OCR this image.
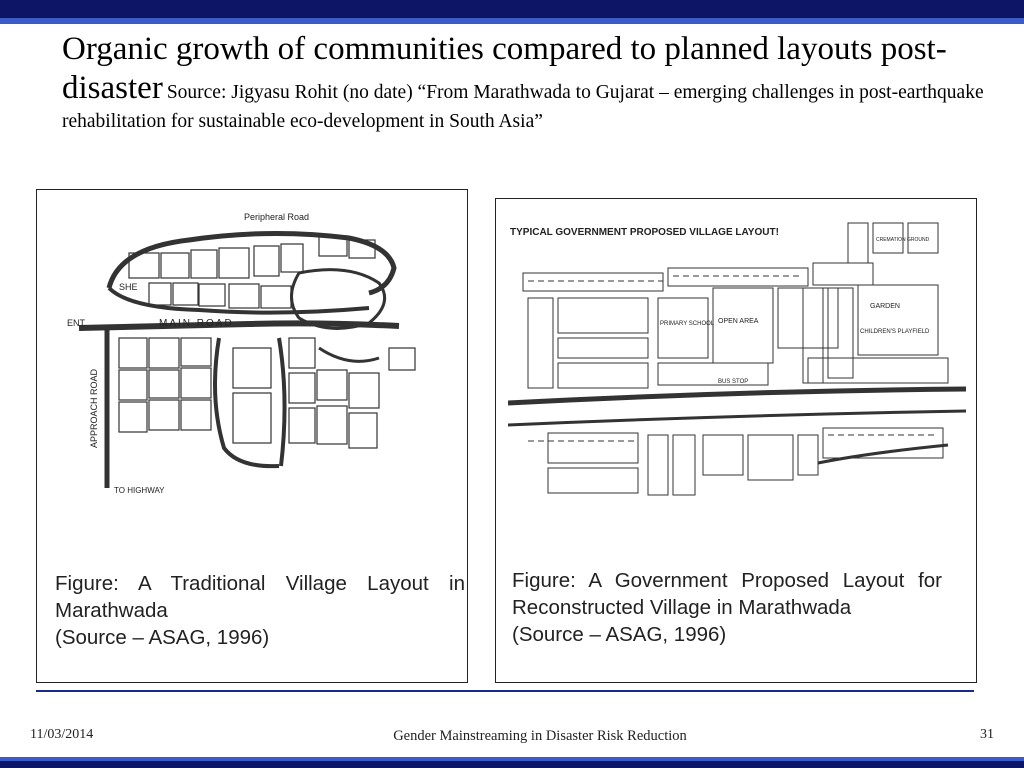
Organic growth of communities compared to planned layouts post-disaster Source: Jigyasu Rohit (no date) “From Marathwada to Gujarat – emerging challenges in post-earthquake rehabilitation for sustainable eco-development in South Asia”
Peripheral Road
MAIN ROAD
ENT.
SHE
APPROACH ROAD
TO HIGHWAY
Figure: A Traditional Village Layout in Marathwada
(Source – ASAG, 1996)
TYPICAL GOVERNMENT PROPOSED VILLAGE LAYOUT!
OPEN AREA
PRIMARY SCHOOL
GARDEN
CHILDREN'S PLAYFIELD
BUS STOP
CREMATION GROUND
Figure: A Government Proposed Layout for Reconstructed Village in Marathwada
(Source – ASAG, 1996)
11/03/2014	Gender Mainstreaming in Disaster Risk Reduction	31
